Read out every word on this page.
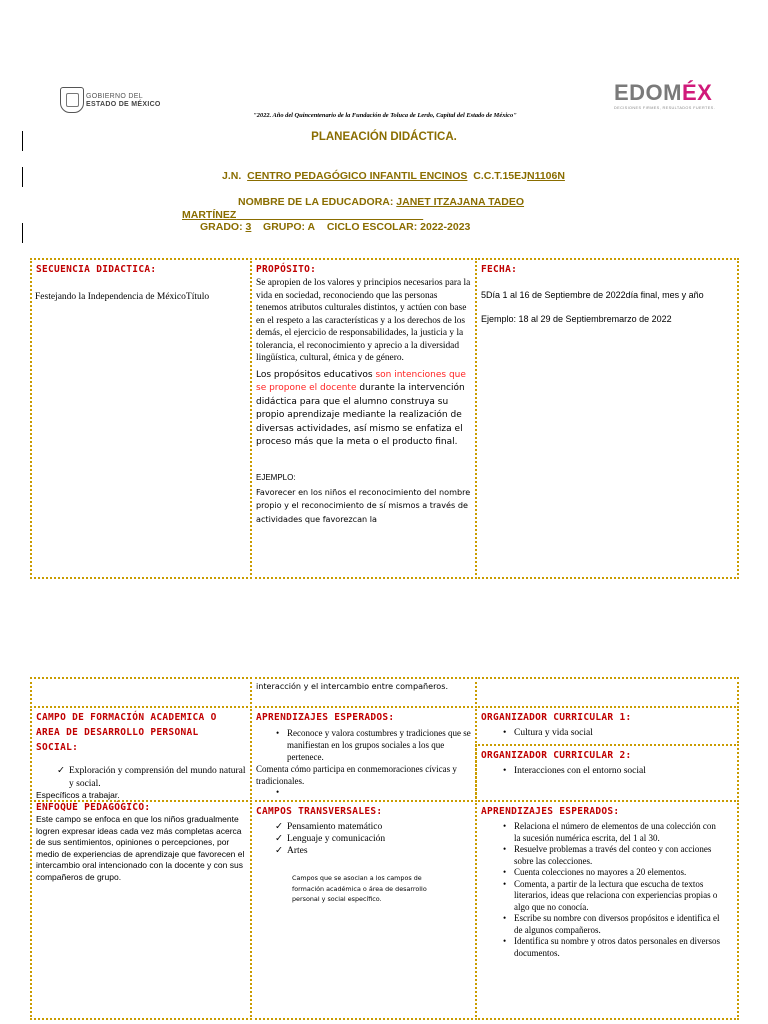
GOBIERNO DEL
ESTADO DE MÉXICO	EDOMÉX
DECISIONES FIRMES, RESULTADOS FUERTES.
"2022. Año del Quincentenario de la Fundación de Toluca de Lerdo, Capital del Estado de México"
PLANEACIÓN DIDÁCTICA.
J.N. CENTRO PEDAGÓGICO INFANTIL ENCINOS C.C.T.15EJN1106N
NOMBRE DE LA EDUCADORA: JANET ITZAJANA TADEO
MARTÍNEZ________________________________
GRADO: 3 GRUPO: A CICLO ESCOLAR: 2022-2023
SECUENCIA DIDACTICA:
Festejando la Independencia de MéxicoTítulo
PROPÓSITO:
Se apropien de los valores y principios necesarios para la vida en sociedad, reconociendo que las personas tenemos atributos culturales distintos, y actúen con base en el respeto a las características y a los derechos de los demás, el ejercicio de responsabilidades, la justicia y la tolerancia, el reconocimiento y aprecio a la diversidad lingüística, cultural, étnica y de género.
Los propósitos educativos son intenciones que se propone el docente durante la intervención didáctica para que el alumno construya su propio aprendizaje mediante la realización de diversas actividades, así mismo se enfatiza el proceso más que la meta o el producto final.
EJEMPLO:
Favorecer en los niños el reconocimiento del nombre propio y el reconocimiento de sí mismos a través de actividades que favorezcan la
FECHA:
5Día 1 al 16 de Septiembre de 2022día final, mes y año
Ejemplo: 18 al 29 de Septiembremarzo de 2022
interacción y el intercambio entre compañeros.
CAMPO DE FORMACIÓN ACADEMICA O AREA DE DESARROLLO PERSONAL SOCIAL:
✓ Exploración y comprensión del mundo natural y social.
Específicos a trabajar.
APRENDIZAJES ESPERADOS:
• Reconoce y valora costumbres y tradiciones que se manifiestan en los grupos sociales a los que pertenece.
Comenta cómo participa en conmemoraciones cívicas y tradicionales.
ORGANIZADOR CURRICULAR 1:
• Cultura y vida social
ORGANIZADOR CURRICULAR 2:
• Interacciones con el entorno social
ENFOQUE PEDAGÓGICO:
Este campo se enfoca en que los niños gradualmente logren expresar ideas cada vez más completas acerca de sus sentimientos, opiniones o percepciones, por medio de experiencias de aprendizaje que favorecen el intercambio oral intencionado con la docente y con sus compañeros de grupo.
CAMPOS TRANSVERSALES:
✓ Pensamiento matemático
✓ Lenguaje y comunicación
✓ Artes
Campos que se asocian a los campos de formación académica o área de desarrollo personal y social específico.
APRENDIZAJES ESPERADOS:
• Relaciona el número de elementos de una colección con la sucesión numérica escrita, del 1 al 30.
• Resuelve problemas a través del conteo y con acciones sobre las colecciones.
• Cuenta colecciones no mayores a 20 elementos.
• Comenta, a partir de la lectura que escucha de textos literarios, ideas que relaciona con experiencias propias o algo que no conocía.
• Escribe su nombre con diversos propósitos e identifica el de algunos compañeros.
• Identifica su nombre y otros datos personales en diversos documentos.
